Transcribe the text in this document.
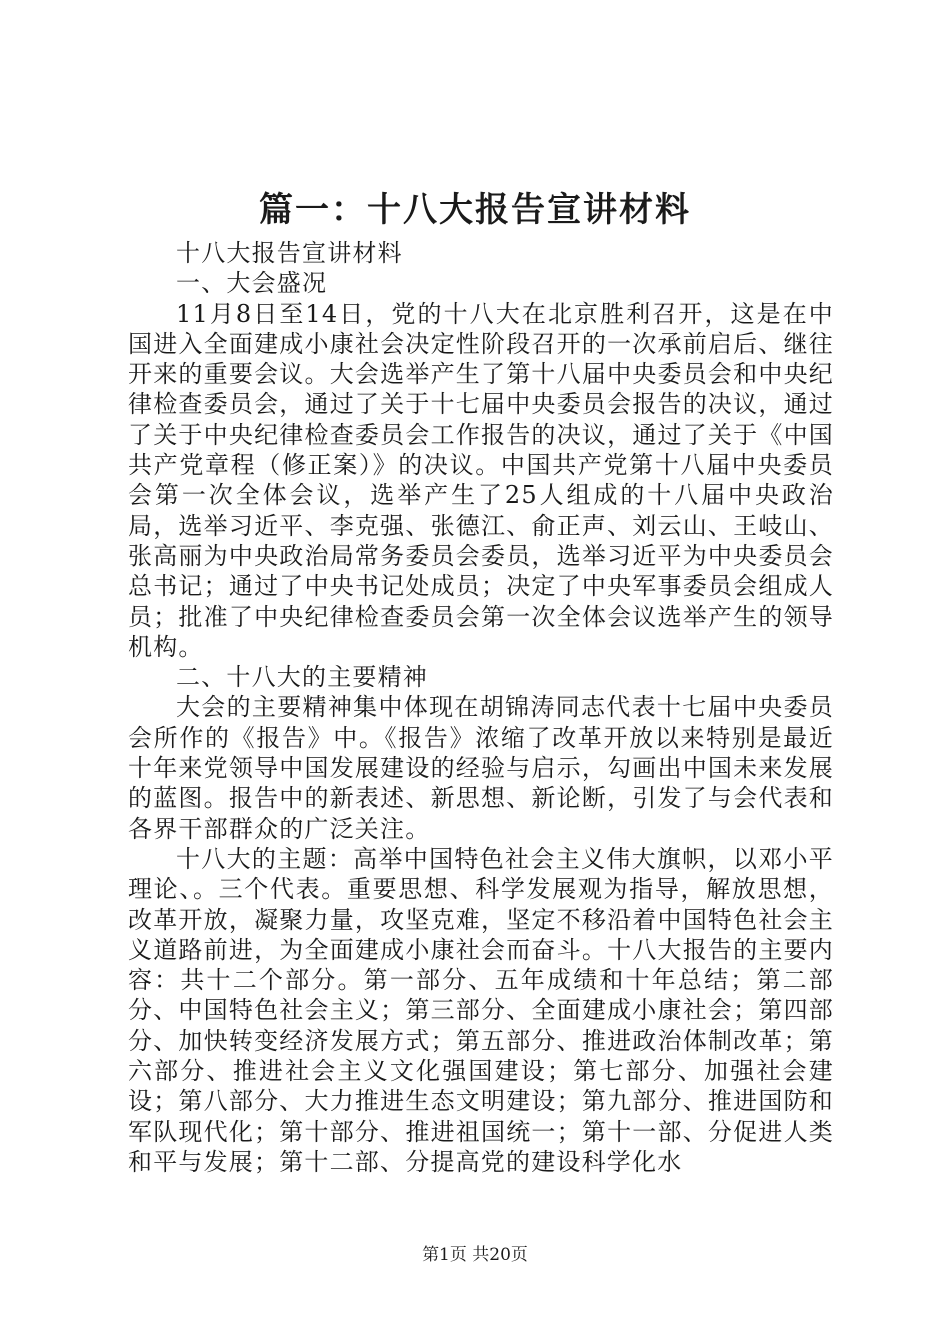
篇一：十八大报告宣讲材料

十八大报告宣讲材料

一、大会盛况

11月8日至14日，党的十八大在北京胜利召开，这是在中国进入全面建成小康社会决定性阶段召开的一次承前启后、继往开来的重要会议。大会选举产生了第十八届中央委员会和中央纪律检查委员会，通过了关于十七届中央委员会报告的决议，通过了关于中央纪律检查委员会工作报告的决议，通过了关于《中国共产党章程（修正案）》的决议。中国共产党第十八届中央委员会第一次全体会议，选举产生了25人组成的十八届中央政治局，选举习近平、李克强、张德江、俞正声、刘云山、王岐山、张高丽为中央政治局常务委员会委员，选举习近平为中央委员会总书记；通过了中央书记处成员；决定了中央军事委员会组成人员；批准了中央纪律检查委员会第一次全体会议选举产生的领导机构。

二、十八大的主要精神

大会的主要精神集中体现在胡锦涛同志代表十七届中央委员会所作的《报告》中。《报告》浓缩了改革开放以来特别是最近十年来党领导中国发展建设的经验与启示，勾画出中国未来发展的蓝图。报告中的新表述、新思想、新论断，引发了与会代表和各界干部群众的广泛关注。

十八大的主题：高举中国特色社会主义伟大旗帜，以邓小平理论、。三个代表。重要思想、科学发展观为指导，解放思想，改革开放，凝聚力量，攻坚克难，坚定不移沿着中国特色社会主义道路前进，为全面建成小康社会而奋斗。十八大报告的主要内容：共十二个部分。第一部分、五年成绩和十年总结；第二部分、中国特色社会主义；第三部分、全面建成小康社会；第四部分、加快转变经济发展方式；第五部分、推进政治体制改革；第六部分、推进社会主义文化强国建设；第七部分、加强社会建设；第八部分、大力推进生态文明建设；第九部分、推进国防和军队现代化；第十部分、推进祖国统一；第十一部、分促进人类和平与发展；第十二部、分提高党的建设科学化水

第1页 共20页
